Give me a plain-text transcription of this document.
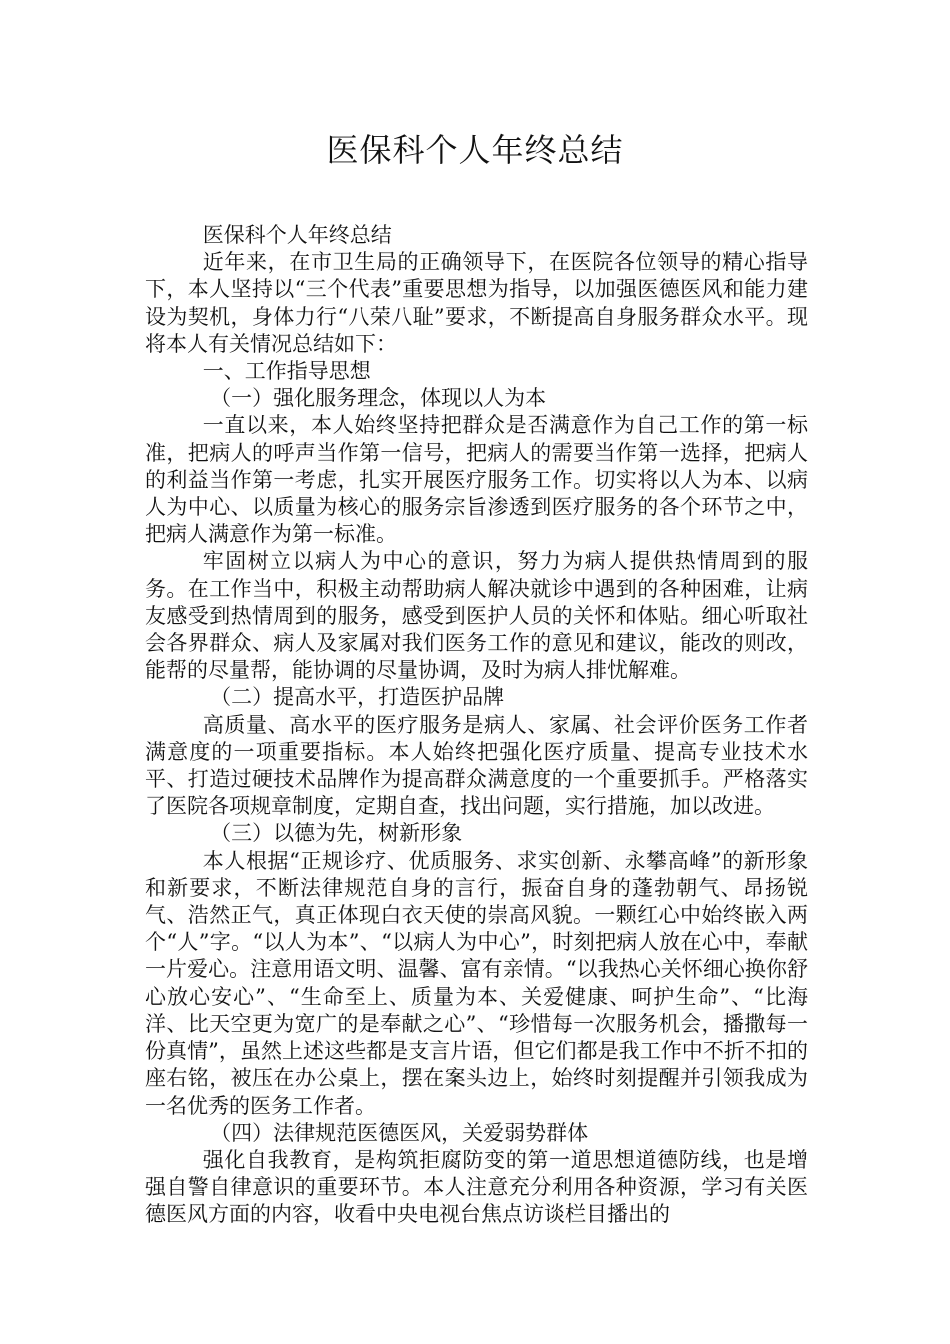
医保科个人年终总结

医保科个人年终总结

近年来，在市卫生局的正确领导下，在医院各位领导的精心指导下，本人坚持以“三个代表”重要思想为指导，以加强医德医风和能力建设为契机，身体力行“八荣八耻”要求，不断提高自身服务群众水平。现将本人有关情况总结如下：

一、工作指导思想

（一）强化服务理念，体现以人为本

一直以来，本人始终坚持把群众是否满意作为自己工作的第一标准，把病人的呼声当作第一信号，把病人的需要当作第一选择，把病人的利益当作第一考虑，扎实开展医疗服务工作。切实将以人为本、以病人为中心、以质量为核心的服务宗旨渗透到医疗服务的各个环节之中，把病人满意作为第一标准。

牢固树立以病人为中心的意识，努力为病人提供热情周到的服务。在工作当中，积极主动帮助病人解决就诊中遇到的各种困难，让病友感受到热情周到的服务，感受到医护人员的关怀和体贴。细心听取社会各界群众、病人及家属对我们医务工作的意见和建议，能改的则改，能帮的尽量帮，能协调的尽量协调，及时为病人排忧解难。

（二）提高水平，打造医护品牌

高质量、高水平的医疗服务是病人、家属、社会评价医务工作者满意度的一项重要指标。本人始终把强化医疗质量、提高专业技术水平、打造过硬技术品牌作为提高群众满意度的一个重要抓手。严格落实了医院各项规章制度，定期自查，找出问题，实行措施，加以改进。

（三）以德为先，树新形象

本人根据“正规诊疗、优质服务、求实创新、永攀高峰”的新形象和新要求，不断法律规范自身的言行，振奋自身的蓬勃朝气、昂扬锐气、浩然正气，真正体现白衣天使的崇高风貌。一颗红心中始终嵌入两个“人”字。“以人为本”、“以病人为中心”，时刻把病人放在心中，奉献一片爱心。注意用语文明、温馨、富有亲情。“以我热心关怀细心换你舒心放心安心”、“生命至上、质量为本、关爱健康、呵护生命”、“比海洋、比天空更为宽广的是奉献之心”、“珍惜每一次服务机会，播撒每一份真情”，虽然上述这些都是支言片语，但它们都是我工作中不折不扣的座右铭，被压在办公桌上，摆在案头边上，始终时刻提醒并引领我成为一名优秀的医务工作者。

（四）法律规范医德医风，关爱弱势群体

强化自我教育，是构筑拒腐防变的第一道思想道德防线，也是增强自警自律意识的重要环节。本人注意充分利用各种资源，学习有关医德医风方面的内容，收看中央电视台焦点访谈栏目播出的
